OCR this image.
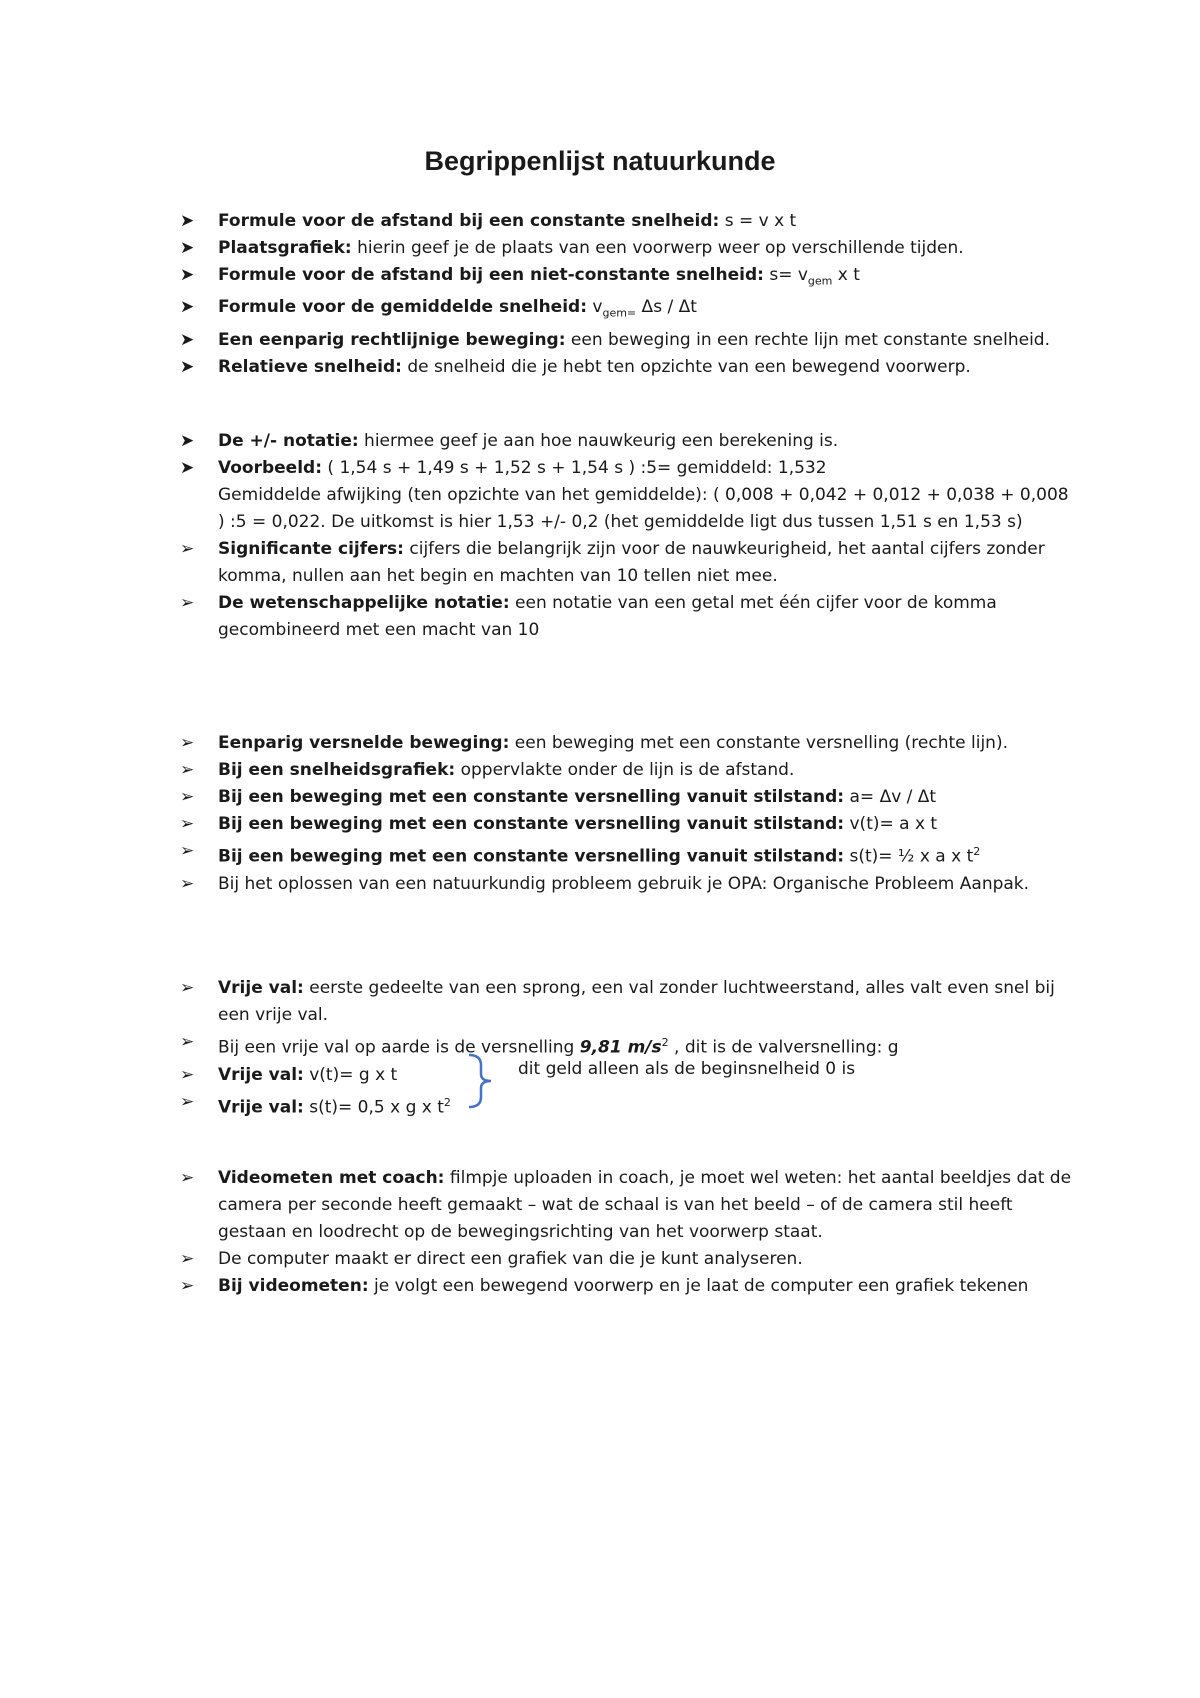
Begrippenlijst natuurkunde
➤
Formule voor de afstand bij een constante snelheid: s = v x t
➤
Plaatsgrafiek: hierin geef je de plaats van een voorwerp weer op verschillende tijden.
➤
Formule voor de afstand bij een niet-constante snelheid: $s= v_{gem}$ x t
➤
Formule voor de gemiddelde snelheid: $v_{gem=}$ Δs / Δt
➤
Een eenparig rechtlijnige beweging: een beweging in een rechte lijn met constante snelheid.
➤
Relatieve snelheid: de snelheid die je hebt ten opzichte van een bewegend voorwerp.
➤
De +/- notatie: hiermee geef je aan hoe nauwkeurig een berekening is.
➤
Voorbeeld: ( 1,54 s + 1,49 s + 1,52 s + 1,54 s ) :5= gemiddeld: 1,532
Gemiddelde afwijking (ten opzichte van het gemiddelde): ( 0,008 + 0,042 + 0,012 + 0,038 + 0,008 ) :5 = 0,022. De uitkomst is hier 1,53 +/- 0,2 (het gemiddelde ligt dus tussen 1,51 s en 1,53 s)
➢
Significante cijfers: cijfers die belangrijk zijn voor de nauwkeurigheid, het aantal cijfers zonder komma, nullen aan het begin en machten van 10 tellen niet mee.
➢
De wetenschappelijke notatie: een notatie van een getal met één cijfer voor de komma gecombineerd met een macht van 10
➢
Eenparig versnelde beweging: een beweging met een constante versnelling (rechte lijn).
➢
Bij een snelheidsgrafiek: oppervlakte onder de lijn is de afstand.
➢
Bij een beweging met een constante versnelling vanuit stilstand: a= Δv / Δt
➢
Bij een beweging met een constante versnelling vanuit stilstand: v(t)= a x t
➢
Bij een beweging met een constante versnelling vanuit stilstand: s(t)= ½ x a x $t^2$
➢
Bij het oplossen van een natuurkundig probleem gebruik je OPA: Organische Probleem Aanpak.
➢
Vrije val: eerste gedeelte van een sprong, een val zonder luchtweerstand, alles valt even snel bij een vrije val.
➢
Bij een vrije val op aarde is de versnelling 9,81 $m/s^2$ , dit is de valversnelling: g
➢
Vrije val: v(t)= g x t
➢
Vrije val: s(t)= 0,5 x g x $t^2$
dit geld alleen als de beginsnelheid 0 is
➢
Videometen met coach: filmpje uploaden in coach, je moet wel weten: het aantal beeldjes dat de camera per seconde heeft gemaakt – wat de schaal is van het beeld – of de camera stil heeft gestaan en loodrecht op de bewegingsrichting van het voorwerp staat.
➢
De computer maakt er direct een grafiek van die je kunt analyseren.
➢
Bij videometen: je volgt een bewegend voorwerp en je laat de computer een grafiek tekenen
